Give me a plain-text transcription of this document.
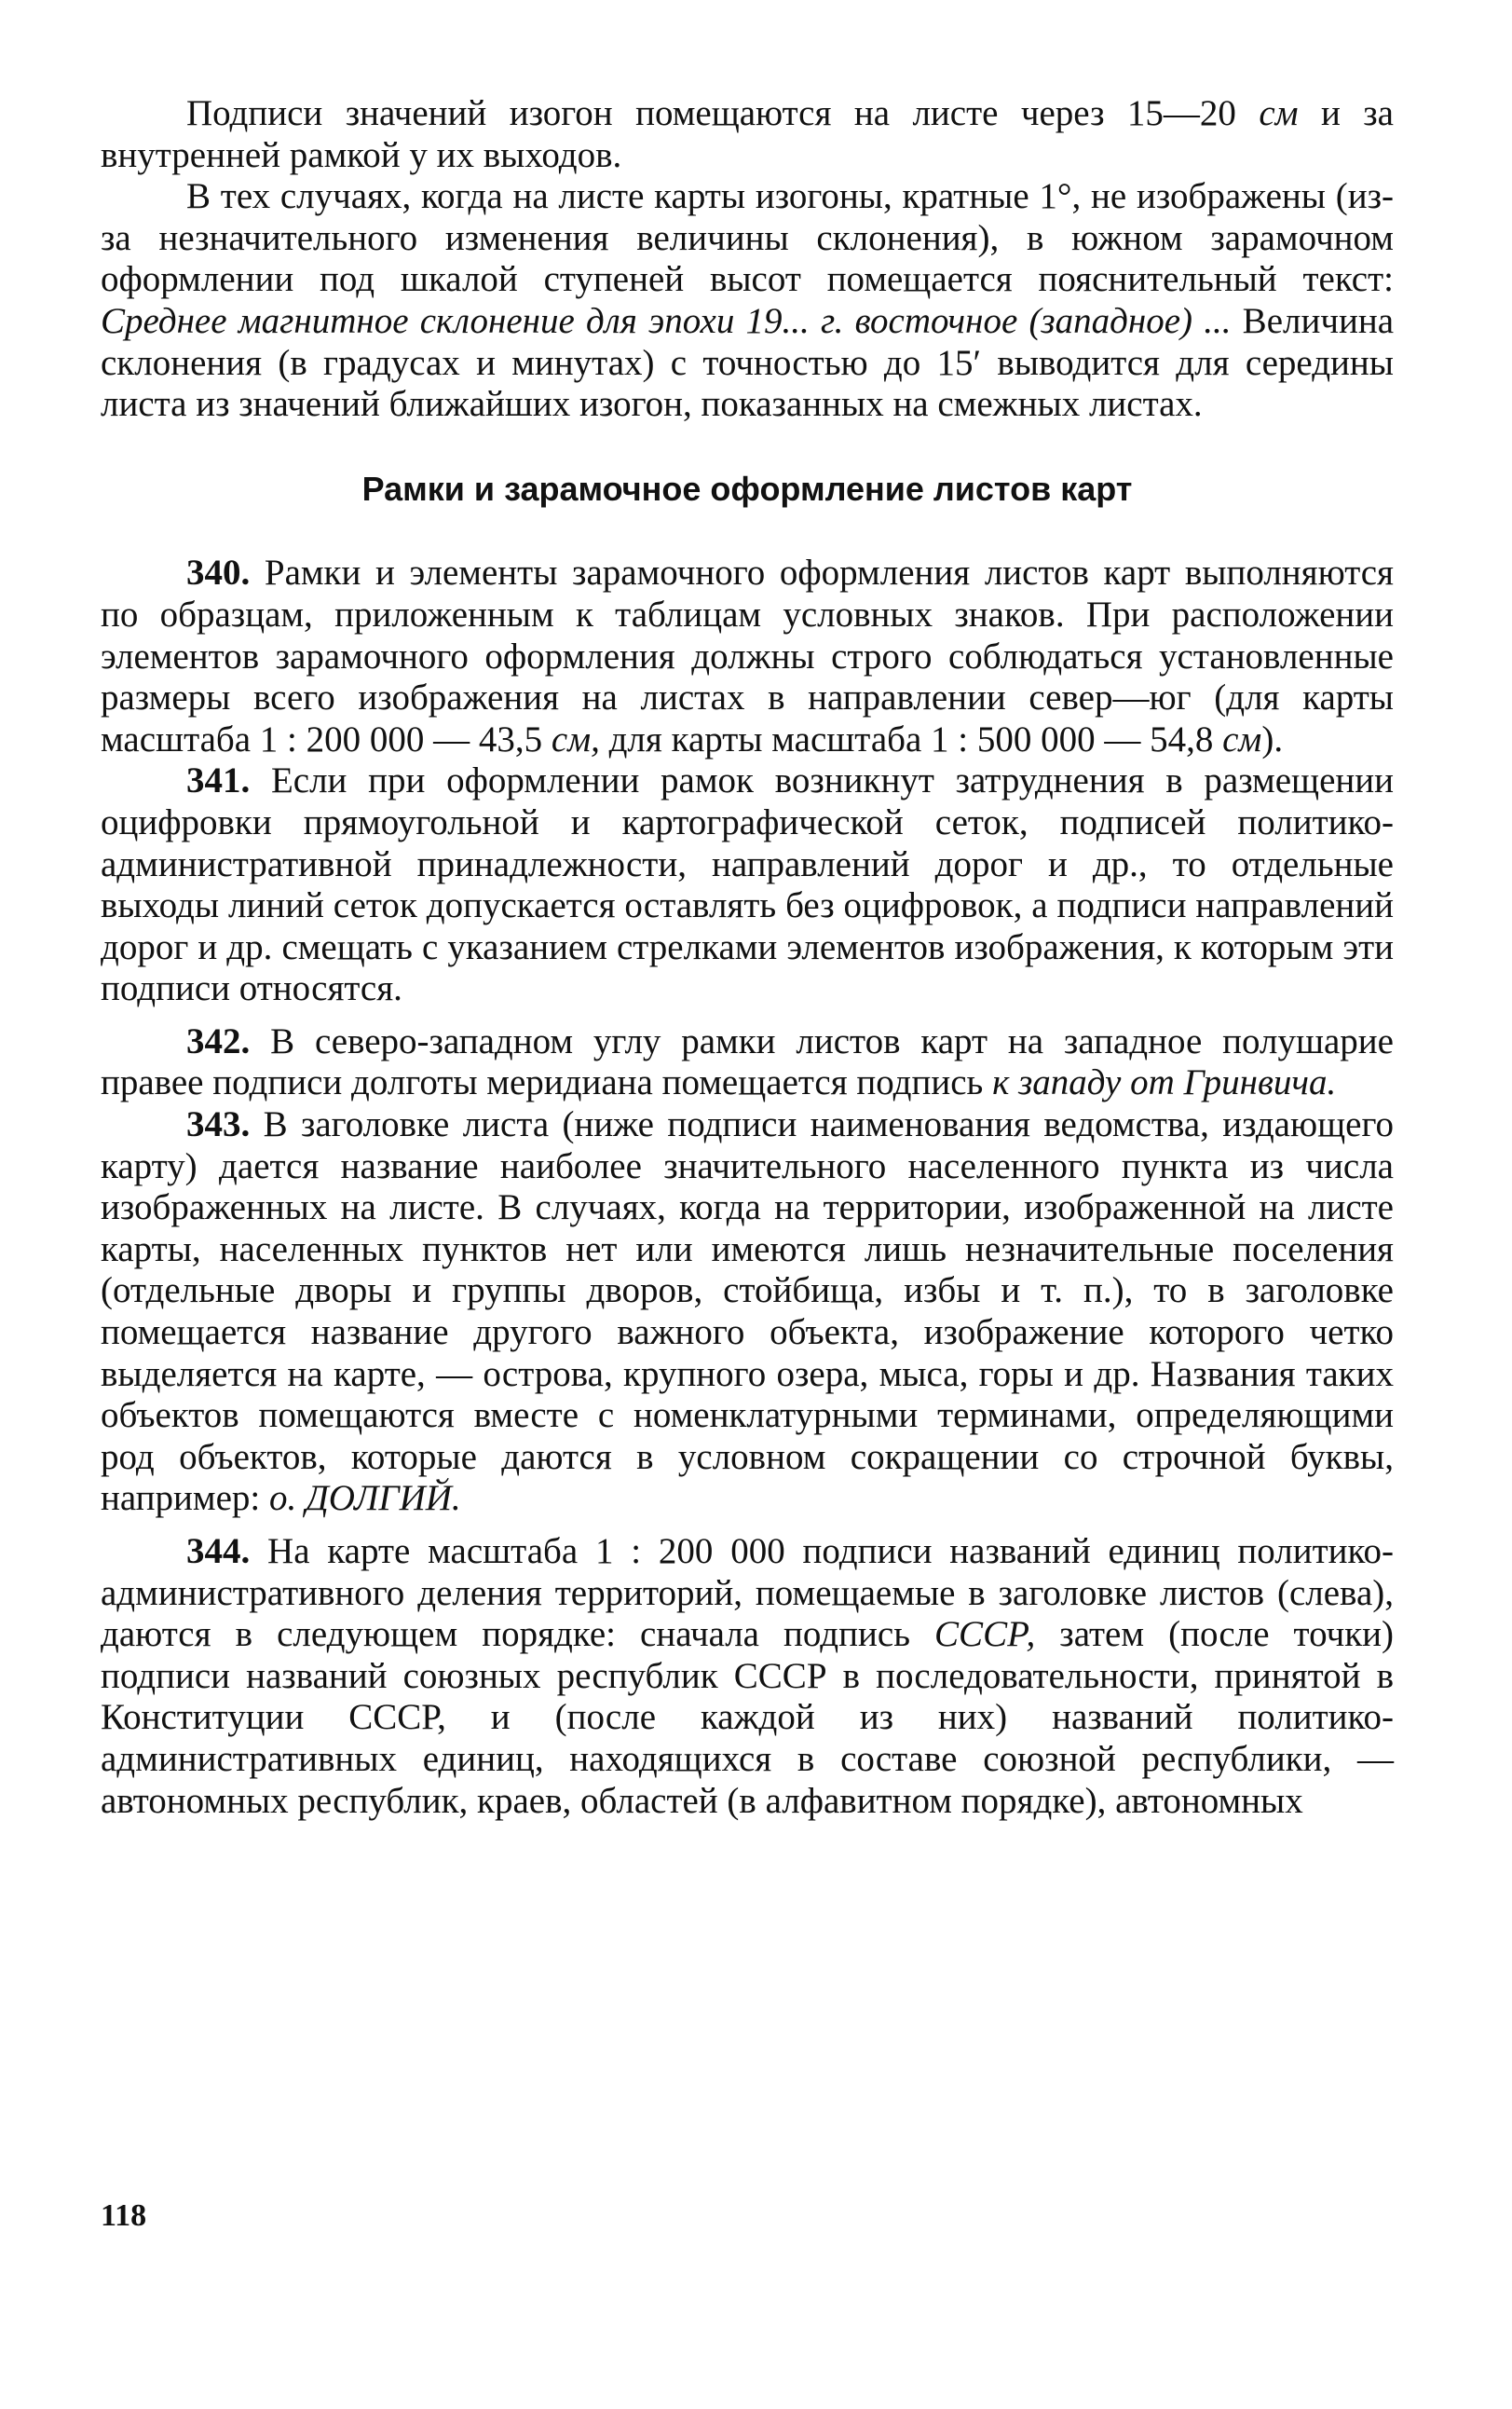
Подписи значений изогон помещаются на листе через 15—20 см и за внутренней рамкой у их выходов.

В тех случаях, когда на листе карты изогоны, кратные 1°, не изображены (из-за незначительного изменения величины склонения), в южном зарамочном оформлении под шкалой ступеней высот помещается пояснительный текст: Среднее магнитное склонение для эпохи 19... г. восточное (западное) ... Величина склонения (в градусах и минутах) с точностью до 15′ выводится для середины листа из значений ближайших изогон, показанных на смежных листах.

Рамки и зарамочное оформление листов карт

340. Рамки и элементы зарамочного оформления листов карт выполняются по образцам, приложенным к таблицам условных знаков. При расположении элементов зарамочного оформления должны строго соблюдаться установленные размеры всего изображения на листах в направлении север—юг (для карты масштаба 1 : 200 000 — 43,5 см, для карты масштаба 1 : 500 000 — 54,8 см).

341. Если при оформлении рамок возникнут затруднения в размещении оцифровки прямоугольной и картографической сеток, подписей политико-административной принадлежности, направлений дорог и др., то отдельные выходы линий сеток допускается оставлять без оцифровок, а подписи направлений дорог и др. смещать с указанием стрелками элементов изображения, к которым эти подписи относятся.

342. В северо-западном углу рамки листов карт на западное полушарие правее подписи долготы меридиана помещается подпись к западу от Гринвича.

343. В заголовке листа (ниже подписи наименования ведомства, издающего карту) дается название наиболее значительного населенного пункта из числа изображенных на листе. В случаях, когда на территории, изображенной на листе карты, населенных пунктов нет или имеются лишь незначительные поселения (отдельные дворы и группы дворов, стойбища, избы и т. п.), то в заголовке помещается название другого важного объекта, изображение которого четко выделяется на карте, — острова, крупного озера, мыса, горы и др. Названия таких объектов помещаются вместе с номенклатурными терминами, определяющими род объектов, которые даются в условном сокращении со строчной буквы, например: о. ДОЛГИЙ.

344. На карте масштаба 1 : 200 000 подписи названий единиц политико-административного деления территорий, помещаемые в заголовке листов (слева), даются в следующем порядке: сначала подпись СССР, затем (после точки) подписи названий союзных республик СССР в последовательности, принятой в Конституции СССР, и (после каждой из них) названий политико-административных единиц, находящихся в составе союзной республики, — автономных республик, краев, областей (в алфавитном порядке), автономных

118
